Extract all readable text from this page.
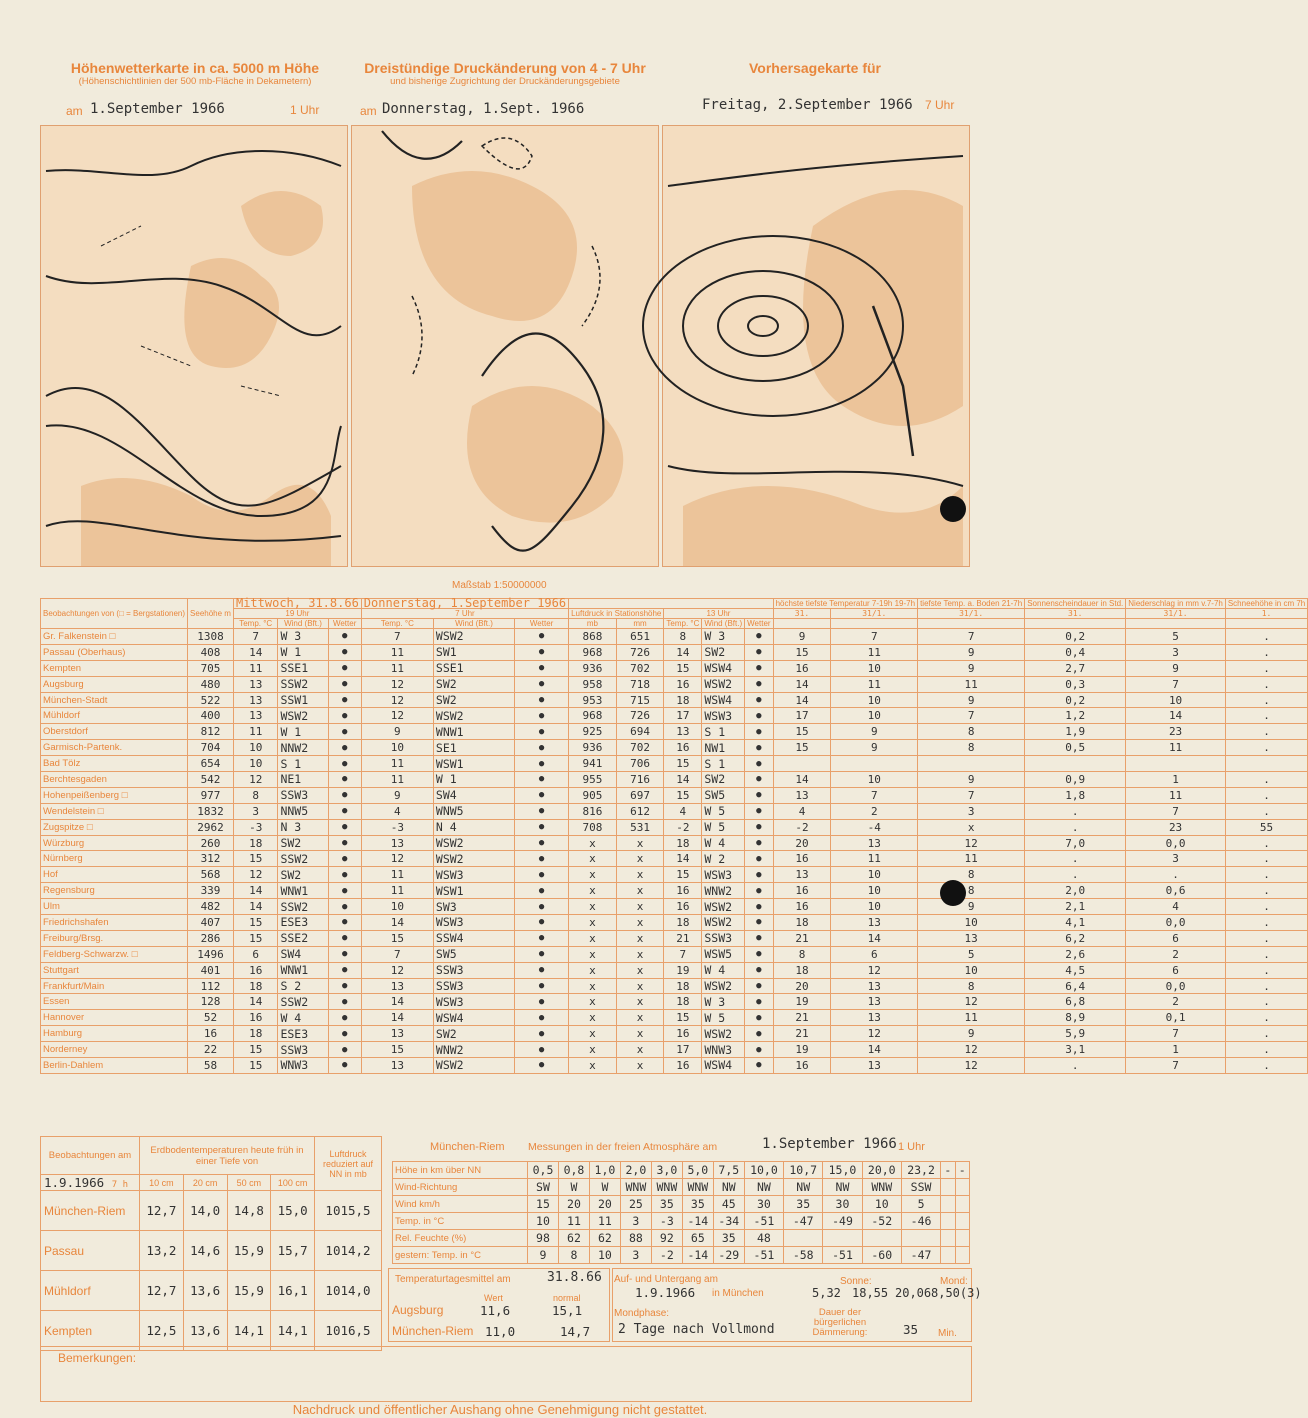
Höhenwetterkarte in ca. 5000 m Höhe
(Höhenschichtlinien der 500 mb-Fläche in Dekametern)
am 1.September 1966	1 Uhr
Dreistündige Druckänderung von 4 - 7 Uhr
und bisherige Zugrichtung der Druckänderungsgebiete
am Donnerstag, 1.Sept. 1966
Vorhersagekarte für
Freitag, 2.September 1966 7 Uhr
Maßstab 1:50000000
Beobachtungen von (□ = Bergstationen)	Seehöhe m	Mittwoch, 31.8.66			Donnerstag, 1.September 1966								höchste tiefste Temperatur 7-19h 19-7h		tiefste Temp. a. Boden 21-7h	Sonnenscheindauer in Std.	Niederschlag in mm v.7-7h	Schneehöhe in cm 7h
		19 Uhr			7 Uhr			Luftdruck in Stationshöhe		13 Uhr			31.	31/1.	31/1.	31.	31/1.	1.
		Temp. °C	Wind (Bft.)	Wetter	Temp. °C	Wind (Bft.)	Wetter	mb	mm	Temp. °C	Wind (Bft.)	Wetter						
Gr. Falkenstein □	1308	7	W 3	●	7	WSW2	●	868	651	8	W 3	●	9	7	7	0,2	5	.
Passau (Oberhaus)	408	14	W 1	●	11	SW1	●	968	726	14	SW2	●	15	11	9	0,4	3	.
Kempten	705	11	SSE1	●	11	SSE1	●	936	702	15	WSW4	●	16	10	9	2,7	9	.
Augsburg	480	13	SSW2	●	12	SW2	●	958	718	16	WSW2	●	14	11	11	0,3	7	.
München-Stadt	522	13	SSW1	●	12	SW2	●	953	715	18	WSW4	●	14	10	9	0,2	10	.
Mühldorf	400	13	WSW2	●	12	WSW2	●	968	726	17	WSW3	●	17	10	7	1,2	14	.
Oberstdorf	812	11	W 1	●	9	WNW1	●	925	694	13	S 1	●	15	9	8	1,9	23	.
Garmisch-Partenk.	704	10	NNW2	●	10	SE1	●	936	702	16	NW1	●	15	9	8	0,5	11	.
Bad Tölz	654	10	S 1	●	11	WSW1	●	941	706	15	S 1	●						
Berchtesgaden	542	12	NE1	●	11	W 1	●	955	716	14	SW2	●	14	10	9	0,9	1	.
Hohenpeißenberg □	977	8	SSW3	●	9	SW4	●	905	697	15	SW5	●	13	7	7	1,8	11	.
Wendelstein □	1832	3	NNW5	●	4	WNW5	●	816	612	4	W 5	●	4	2	3	.	7	.
Zugspitze □	2962	-3	N 3	●	-3	N 4	●	708	531	-2	W 5	●	-2	-4	x	.	23	55
Würzburg	260	18	SW2	●	13	WSW2	●	x	x	18	W 4	●	20	13	12	7,0	0,0	.
Nürnberg	312	15	SSW2	●	12	WSW2	●	x	x	14	W 2	●	16	11	11	.	3	.
Hof	568	12	SW2	●	11	WSW3	●	x	x	15	WSW3	●	13	10	8	.	.	.
Regensburg	339	14	WNW1	●	11	WSW1	●	x	x	16	WNW2	●	16	10	8	2,0	0,6	.
Ulm	482	14	SSW2	●	10	SW3	●	x	x	16	WSW2	●	16	10	9	2,1	4	.
Friedrichshafen	407	15	ESE3	●	14	WSW3	●	x	x	18	WSW2	●	18	13	10	4,1	0,0	.
Freiburg/Brsg.	286	15	SSE2	●	15	SSW4	●	x	x	21	SSW3	●	21	14	13	6,2	6	.
Feldberg-Schwarzw. □	1496	6	SW4	●	7	SW5	●	x	x	7	WSW5	●	8	6	5	2,6	2	.
Stuttgart	401	16	WNW1	●	12	SSW3	●	x	x	19	W 4	●	18	12	10	4,5	6	.
Frankfurt/Main	112	18	S 2	●	13	SSW3	●	x	x	18	WSW2	●	20	13	8	6,4	0,0	.
Essen	128	14	SSW2	●	14	WSW3	●	x	x	18	W 3	●	19	13	12	6,8	2	.
Hannover	52	16	W 4	●	14	WSW4	●	x	x	15	W 5	●	21	13	11	8,9	0,1	.
Hamburg	16	18	ESE3	●	13	SW2	●	x	x	16	WSW2	●	21	12	9	5,9	7	.
Norderney	22	15	SSW3	●	15	WNW2	●	x	x	17	WNW3	●	19	14	12	3,1	1	.
Berlin-Dahlem	58	15	WNW3	●	13	WSW2	●	x	x	16	WSW4	●	16	13	12	.	7	.
Beobachtungen am	Erdbodentemperaturen heute früh in einer Tiefe von				Luftdruck reduziert auf NN in mb
1.9.1966 7 h	10 cm	20 cm	50 cm	100 cm	
München-Riem	12,7	14,0	14,8	15,0	1015,5
Passau	13,2	14,6	15,9	15,7	1014,2
Mühldorf	12,7	13,6	15,9	16,1	1014,0
Kempten	12,5	13,6	14,1	14,1	1016,5
München-Riem Messungen in der freien Atmosphäre am	1.September 1966 1 Uhr
Höhe in km über NN	0,5	0,8	1,0	2,0	3,0	5,0	7,5	10,0	10,7	15,0	20,0	23,2	-	-
Wind-Richtung	SW	W	W	WNW	WNW	WNW	NW	NW	NW	NW	WNW	SSW		
Wind km/h	15	20	20	25	35	35	45	30	35	30	10	5		
Temp. in °C	10	11	11	3	-3	-14	-34	-51	-47	-49	-52	-46		
Rel. Feuchte (%)	98	62	62	88	92	65	35	48						
gestern: Temp. in °C	9	8	10	3	-2	-14	-29	-51	-58	-51	-60	-47		
Temperaturtagesmittel am	31.8.66
Wert	normal
Augsburg	11,6	15,1
München-Riem 11,0	14,7
Auf- und Untergang am
1.9.1966 in München
Sonne:	Mond:
5,32 18,55 20,06 8,50(3)
Mondphase:
2 Tage nach Vollmond
Dauer der bürgerlichen Dämmerung:	35 Min.
Bemerkungen:
Nachdruck und öffentlicher Aushang ohne Genehmigung nicht gestattet.
